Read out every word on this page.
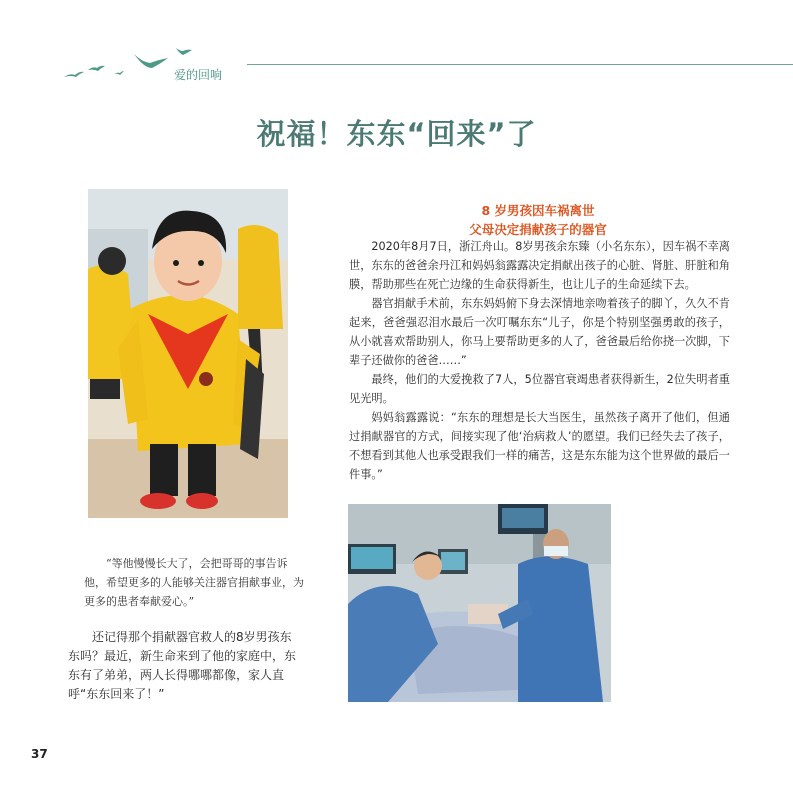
爱的回响
祝福！东东“回来”了

“等他慢慢长大了，会把哥哥的事告诉他，希望更多的人能够关注器官捐献事业，为更多的患者奉献爱心。”

还记得那个捐献器官救人的8岁男孩东东吗？最近，新生命来到了他的家庭中，东东有了弟弟，两人长得哪哪都像，家人直呼“东东回来了！”

8 岁男孩因车祸离世
父母决定捐献孩子的器官

2020年8月7日，浙江舟山。8岁男孩余东臻（小名东东），因车祸不幸离世，东东的爸爸余丹江和妈妈翁露露决定捐献出孩子的心脏、肾脏、肝脏和角膜，帮助那些在死亡边缘的生命获得新生，也让儿子的生命延续下去。

器官捐献手术前，东东妈妈俯下身去深情地亲吻着孩子的脚丫，久久不肯起来，爸爸强忍泪水最后一次叮嘱东东“儿子，你是个特别坚强勇敢的孩子，从小就喜欢帮助别人，你马上要帮助更多的人了，爸爸最后给你挠一次脚，下辈子还做你的爸爸……”

最终，他们的大爱挽救了7人，5位器官衰竭患者获得新生，2位失明者重见光明。

妈妈翁露露说：“东东的理想是长大当医生，虽然孩子离开了他们，但通过捐献器官的方式，间接实现了他‘治病救人’的愿望。我们已经失去了孩子，不想看到其他人也承受跟我们一样的痛苦，这是东东能为这个世界做的最后一件事。”

37
